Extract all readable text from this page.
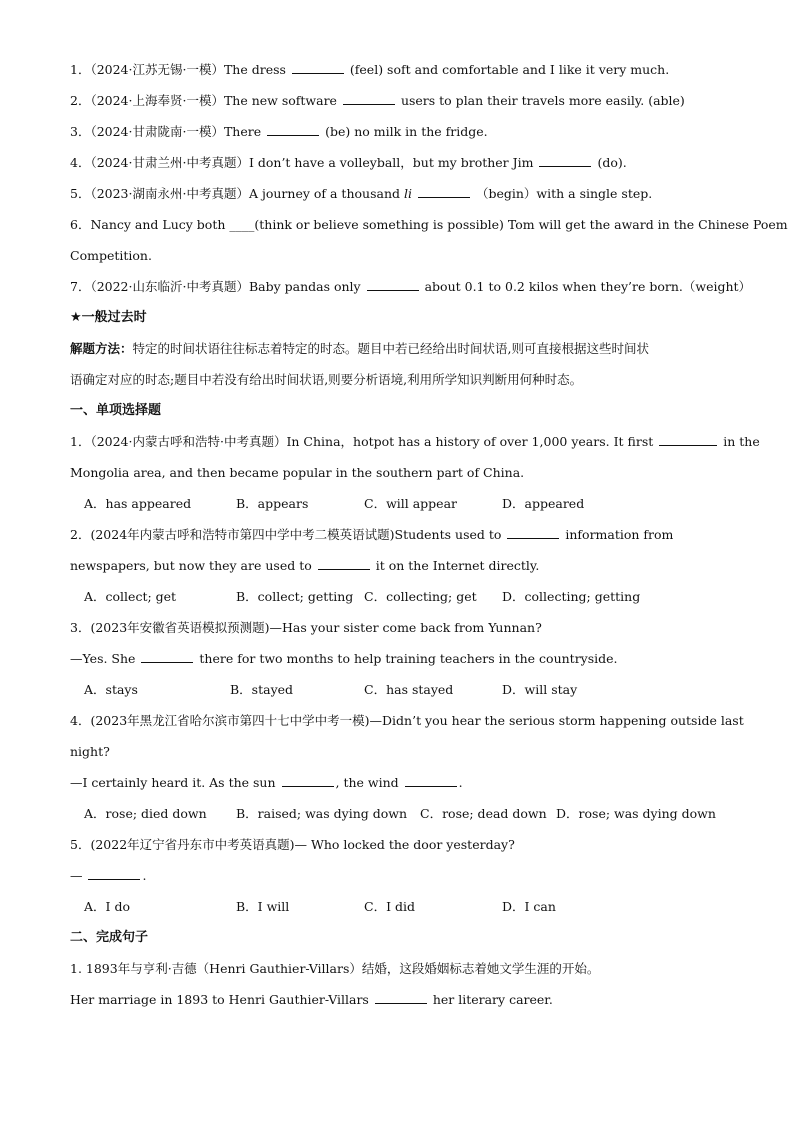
1．（2024·江苏无锡·一模）The dress	(feel) soft and comfortable and I like it very much.
2．（2024·上海奉贤·一模）The new software	users to plan their travels more easily. (able)
3．（2024·甘肃陇南·一模）There	(be) no milk in the fridge.
4．（2024·甘肃兰州·中考真题）I don’t have a volleyball，but my brother Jim	(do).
5．（2023·湖南永州·中考真题）A journey of a thousand li	（begin）with a single step.
6．Nancy and Lucy both ____(think or believe something is possible) Tom will get the award in the Chinese Poem
Competition.
7．（2022·山东临沂·中考真题）Baby pandas only	about 0.1 to 0.2 kilos when they’re born.（weight）
★一般过去时
解题方法：特定的时间状语往往标志着特定的时态。题目中若已经给出时间状语,则可直接根据这些时间状
语确定对应的时态;题目中若没有给出时间状语,则要分析语境,利用所学知识判断用何种时态。
一、单项选择题
1．（2024·内蒙古呼和浩特·中考真题）In China，hotpot has a history of over 1,000 years. It first	in the
Mongolia area, and then became popular in the southern part of China.
A．has appeared	B．appears	C．will appear	D．appeared
2．(2024年内蒙古呼和浩特市第四中学中考二模英语试题)Students used to	information from
newspapers, but now they are used to	it on the Internet directly.
A．collect; get	B．collect; getting C．collecting; get	D．collecting; getting
3．(2023年安徽省英语模拟预测题)—Has your sister come back from Yunnan?
—Yes. She	there for two months to help training teachers in the countryside.
A．stays	B．stayed	C．has stayed	D．will stay
4．(2023年黑龙江省哈尔滨市第四十七中学中考一模)—Didn’t you hear the serious storm happening outside last
night?
—I certainly heard it. As the sun	, the wind	.
A．rose; died down	B．raised; was dying down	C．rose; dead down D．rose; was dying down
5．(2022年辽宁省丹东市中考英语真题)— Who locked the door yesterday?
—	.
A．I do	B．I will	C．I did	D．I can
二、完成句子
1. 1893年与亨利·吉德（Henri Gauthier-Villars）结婚，这段婚姻标志着她文学生涯的开始。
Her marriage in 1893 to Henri Gauthier-Villars	her literary career.
